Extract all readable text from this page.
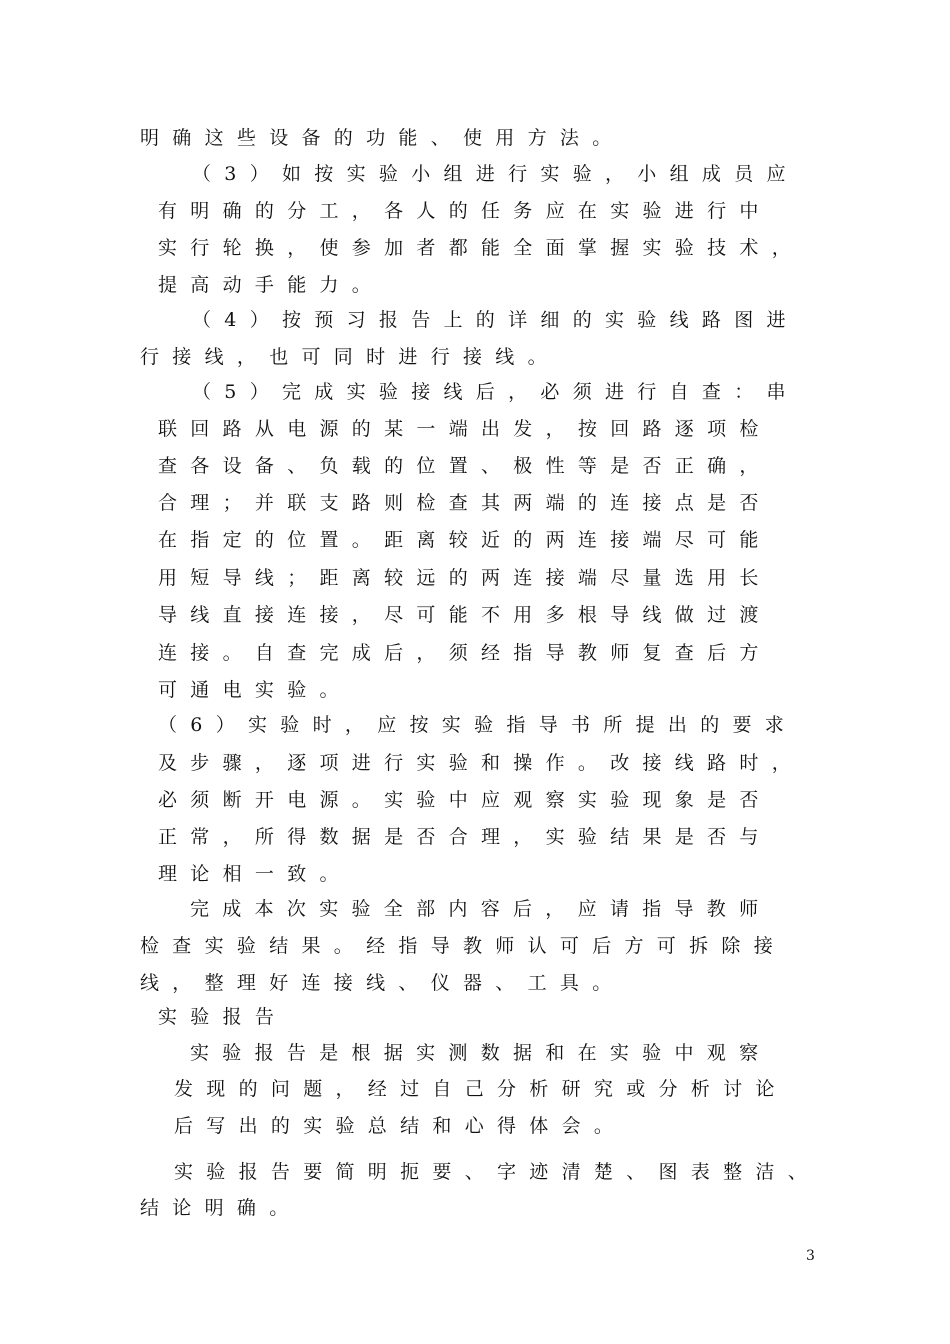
明确这些设备的功能、使用方法。
（3）如按实验小组进行实验，小组成员应
有明确的分工，各人的任务应在实验进行中
实行轮换，使参加者都能全面掌握实验技术，
提高动手能力。
（4）按预习报告上的详细的实验线路图进
行接线，也可同时进行接线。
（5）完成实验接线后，必须进行自查：串
联回路从电源的某一端出发，按回路逐项检
查各设备、负载的位置、极性等是否正确，
合理；并联支路则检查其两端的连接点是否
在指定的位置。距离较近的两连接端尽可能
用短导线；距离较远的两连接端尽量选用长
导线直接连接，尽可能不用多根导线做过渡
连接。自查完成后，须经指导教师复查后方
可通电实验。
（6）实验时，应按实验指导书所提出的要求
及步骤，逐项进行实验和操作。改接线路时，
必须断开电源。实验中应观察实验现象是否
正常，所得数据是否合理，实验结果是否与
理论相一致。
完成本次实验全部内容后，应请指导教师
检查实验结果。经指导教师认可后方可拆除接
线，整理好连接线、仪器、工具。
实验报告
实验报告是根据实测数据和在实验中观察
发现的问题，经过自己分析研究或分析讨论
后写出的实验总结和心得体会。
实验报告要简明扼要、字迹清楚、图表整洁、
结论明确。
3
